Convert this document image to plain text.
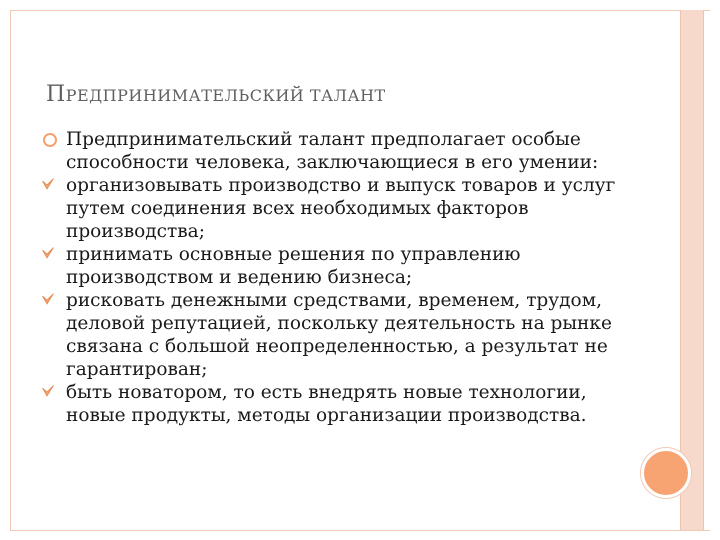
ПРЕДПРИНИМАТЕЛЬСКИЙ ТАЛАНТ
Предпринимательский талант предполагает особые способности человека, заключающиеся в его умении:
организовывать производство и выпуск товаров и услуг путем соединения всех необходимых факторов производства;
принимать основные решения по управлению производством и ведению бизнеса;
рисковать денежными средствами, временем, трудом, деловой репутацией, поскольку деятельность на рынке связана с большой неопределенностью, а результат не гарантирован;
быть новатором, то есть внедрять новые технологии, новые продукты, методы организации производства.
